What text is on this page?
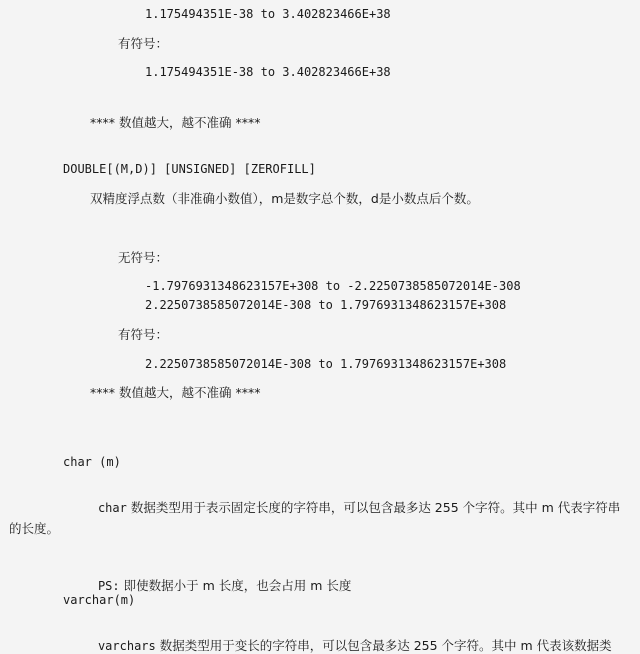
1.175494351E-38 to 3.402823466E+38
有符号：
1.175494351E-38 to 3.402823466E+38
**** 数值越大，越不准确 ****
DOUBLE[(M,D)] [UNSIGNED] [ZEROFILL]
双精度浮点数（非准确小数值），m是数字总个数，d是小数点后个数。
无符号：
-1.7976931348623157E+308 to -2.2250738585072014E-308
2.2250738585072014E-308 to 1.7976931348623157E+308
有符号：
2.2250738585072014E-308 to 1.7976931348623157E+308
**** 数值越大，越不准确 ****
char (m)

char 数据类型用于表示固定长度的字符串，可以包含最多达 255 个字符。其中 m 代表字符串

的长度。

PS: 即使数据小于 m 长度，也会占用 m 长度

varchar(m)

varchars 数据类型用于变长的字符串，可以包含最多达 255 个字符。其中 m 代表该数据类
